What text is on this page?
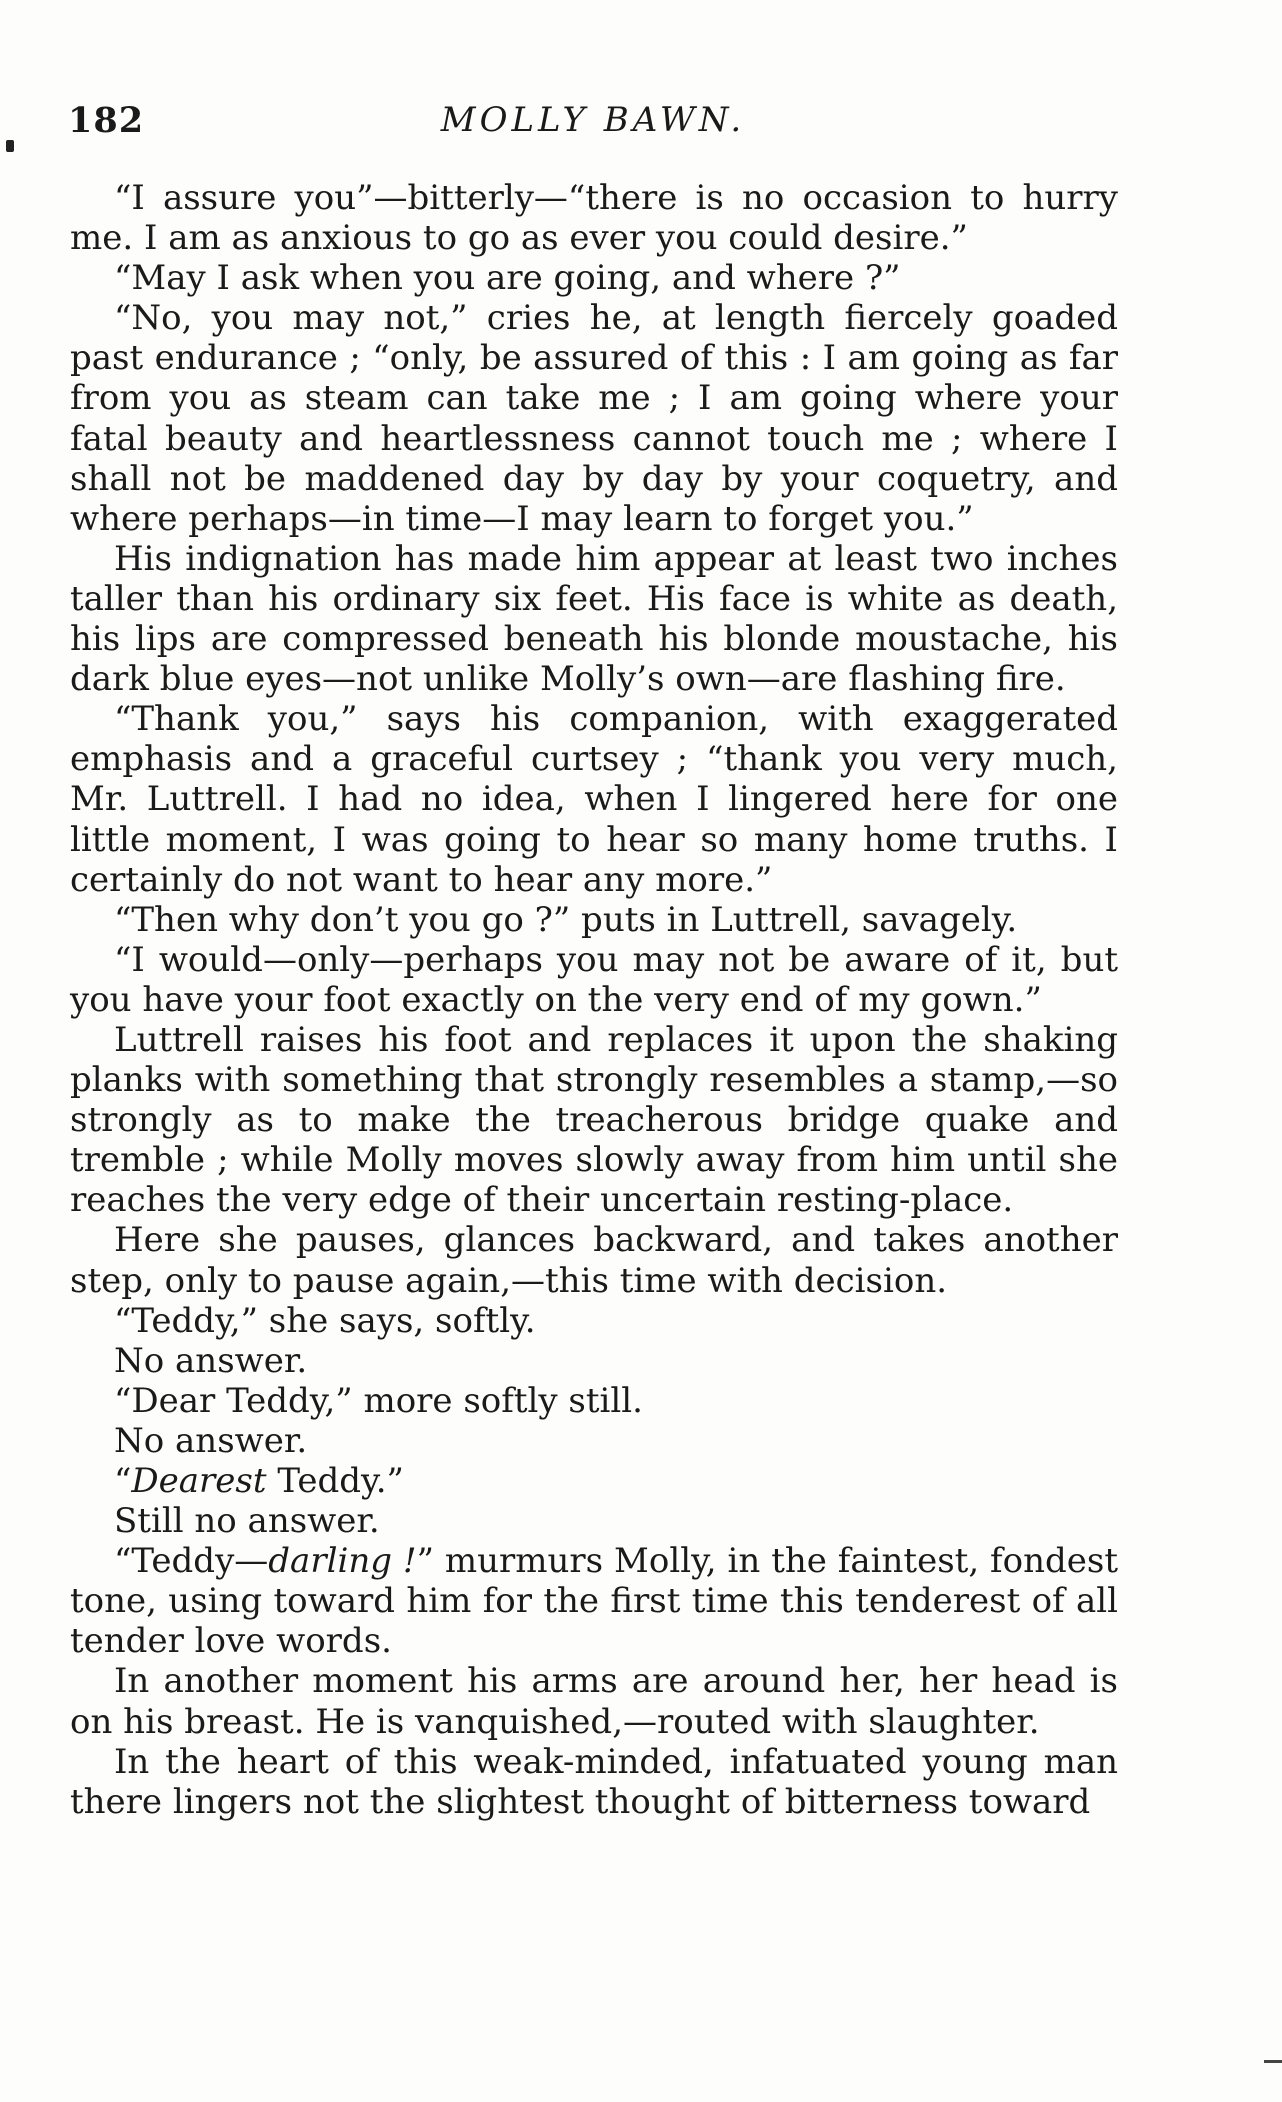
182	MOLLY BAWN.

“I assure you”—bitterly—“there is no occasion to hurry me. I am as anxious to go as ever you could desire.”

“May I ask when you are going, and where ?”

“No, you may not,” cries he, at length fiercely goaded past endurance ; “only, be assured of this : I am going as far from you as steam can take me ; I am going where your fatal beauty and heartlessness cannot touch me ; where I shall not be maddened day by day by your coquetry, and where perhaps—in time—I may learn to forget you.”

His indignation has made him appear at least two inches taller than his ordinary six feet. His face is white as death, his lips are compressed beneath his blonde moustache, his dark blue eyes—not unlike Molly’s own—are flashing fire.

“Thank you,” says his companion, with exaggerated emphasis and a graceful curtsey ; “thank you very much, Mr. Luttrell. I had no idea, when I lingered here for one little moment, I was going to hear so many home truths. I certainly do not want to hear any more.”

“Then why don’t you go ?” puts in Luttrell, savagely.

“I would—only—perhaps you may not be aware of it, but you have your foot exactly on the very end of my gown.”

Luttrell raises his foot and replaces it upon the shaking planks with something that strongly resembles a stamp,—so strongly as to make the treacherous bridge quake and tremble ; while Molly moves slowly away from him until she reaches the very edge of their uncertain resting-place.

Here she pauses, glances backward, and takes another step, only to pause again,—this time with decision.

“Teddy,” she says, softly.

No answer.

“Dear Teddy,” more softly still.

No answer.

“Dearest Teddy.”

Still no answer.

“Teddy—darling !” murmurs Molly, in the faintest, fondest tone, using toward him for the first time this tenderest of all tender love words.

In another moment his arms are around her, her head is on his breast. He is vanquished,—routed with slaughter.

In the heart of this weak-minded, infatuated young man there lingers not the slightest thought of bitterness toward
